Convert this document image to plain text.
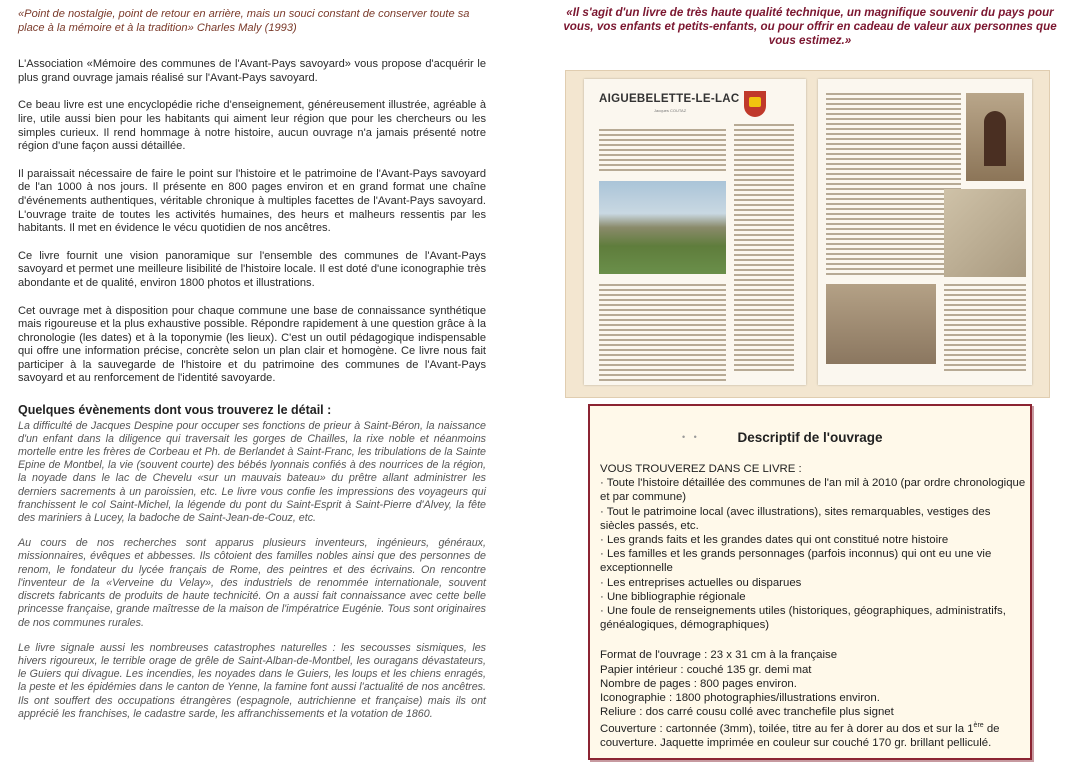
«Point de nostalgie, point de retour en arrière, mais un souci constant de conserver toute sa place à la mémoire et à la tradition» Charles Maly (1993)

L'Association «Mémoire des communes de l'Avant-Pays savoyard» vous propose d'acquérir le plus grand ouvrage jamais réalisé sur l'Avant-Pays savoyard.

Ce beau livre est une encyclopédie riche d'enseignement, généreusement illustrée, agréable à lire, utile aussi bien pour les habitants qui aiment leur région que pour les chercheurs ou les simples curieux. Il rend hommage à notre histoire, aucun ouvrage n'a jamais présenté notre région d'une façon aussi détaillée.

Il paraissait nécessaire de faire le point sur l'histoire et le patrimoine de l'Avant-Pays savoyard de l'an 1000 à nos jours. Il présente en 800 pages environ et en grand format une chaîne d'événements authentiques, véritable chronique à multiples facettes de l'Avant-Pays savoyard. L'ouvrage traite de toutes les activités humaines, des heurs et malheurs ressentis par les habitants. Il met en évidence le vécu quotidien de nos ancêtres.

Ce livre fournit une vision panoramique sur l'ensemble des communes de l'Avant-Pays savoyard et permet une meilleure lisibilité de l'histoire locale. Il est doté d'une iconographie très abondante et de qualité, environ 1800 photos et illustrations.

Cet ouvrage met à disposition pour chaque commune une base de connaissance synthétique mais rigoureuse et la plus exhaustive possible. Répondre rapidement à une question grâce à la chronologie (les dates) et à la toponymie (les lieux). C'est un outil pédagogique indispensable qui offre une information précise, concrète selon un plan clair et homogène. Ce livre nous fait participer à la sauvegarde de l'histoire et du patrimoine des communes de l'Avant-Pays savoyard et au renforcement de l'identité savoyarde.

Quelques évènements dont vous trouverez le détail :

La difficulté de Jacques Despine pour occuper ses fonctions de prieur à Saint-Béron, la naissance d'un enfant dans la diligence qui traversait les gorges de Chailles, la rixe noble et néanmoins mortelle entre les frères de Corbeau et Ph. de Berlandet à Saint-Franc, les tribulations de la Sainte Epine de Montbel, la vie (souvent courte) des bébés lyonnais confiés à des nourrices de la région, la noyade dans le lac de Chevelu «sur un mauvais bateau» du prêtre allant administrer les derniers sacrements à un paroissien, etc. Le livre vous confie les impressions des voyageurs qui franchissent le col Saint-Michel, la légende du pont du Saint-Esprit à Saint-Pierre d'Alvey, la fête des mariniers à Lucey, la badoche de Saint-Jean-de-Couz, etc.

Au cours de nos recherches sont apparus plusieurs inventeurs, ingénieurs, généraux, missionnaires, évêques et abbesses. Ils côtoient des familles nobles ainsi que des personnes de renom, le fondateur du lycée français de Rome, des peintres et des écrivains. On rencontre l'inventeur de la «Verveine du Velay», des industriels de renommée internationale, souvent discrets fabricants de produits de haute technicité. On a aussi fait connaissance avec cette belle princesse française, grande maîtresse de la maison de l'impératrice Eugénie. Tous sont originaires de nos communes rurales.

Le livre signale aussi les nombreuses catastrophes naturelles : les secousses sismiques, les hivers rigoureux, le terrible orage de grêle de Saint-Alban-de-Montbel, les ouragans dévastateurs, le Guiers qui divague. Les incendies, les noyades dans le Guiers, les loups et les chiens enragés, la peste et les épidémies dans le canton de Yenne, la famine font aussi l'actualité de nos ancêtres. Ils ont souffert des occupations étrangères (espagnole, autrichienne et française) mais ils ont apprécié les franchises, le cadastre sarde, les affranchissements et la votation de 1860.

«Il s'agit d'un livre de très haute qualité technique, un magnifique souvenir du pays pour vous, vos enfants et petits-enfants, ou pour offrir en cadeau de valeur aux personnes que vous estimez.»

AIGUEBELETTE-LE-LAC
Jacques COUTAZ
• •	Descriptif de l'ouvrage

VOUS TROUVEREZ DANS CE LIVRE :

· Toute l'histoire détaillée des communes de l'an mil à 2010 (par ordre chronologique et par commune)
· Tout le patrimoine local (avec illustrations), sites remarquables, vestiges des siècles passés, etc.
· Les grands faits et les grandes dates qui ont constitué notre histoire
· Les familles et les grands personnages (parfois inconnus) qui ont eu une vie exceptionnelle
· Les entreprises actuelles ou disparues
· Une bibliographie régionale
· Une foule de renseignements utiles (historiques, géographiques, administratifs, généalogiques, démographiques)
Format de l'ouvrage : 23 x 31 cm à la française
Papier intérieur : couché 135 gr. demi mat
Nombre de pages : 800 pages environ.
Iconographie : 1800 photographies/illustrations environ.
Reliure : dos carré cousu collé avec tranchefile plus signet
Couverture : cartonnée (3mm), toilée, titre au fer à dorer au dos et sur la 1ère de couverture. Jaquette imprimée en couleur sur couché 170 gr. brillant pelliculé.
